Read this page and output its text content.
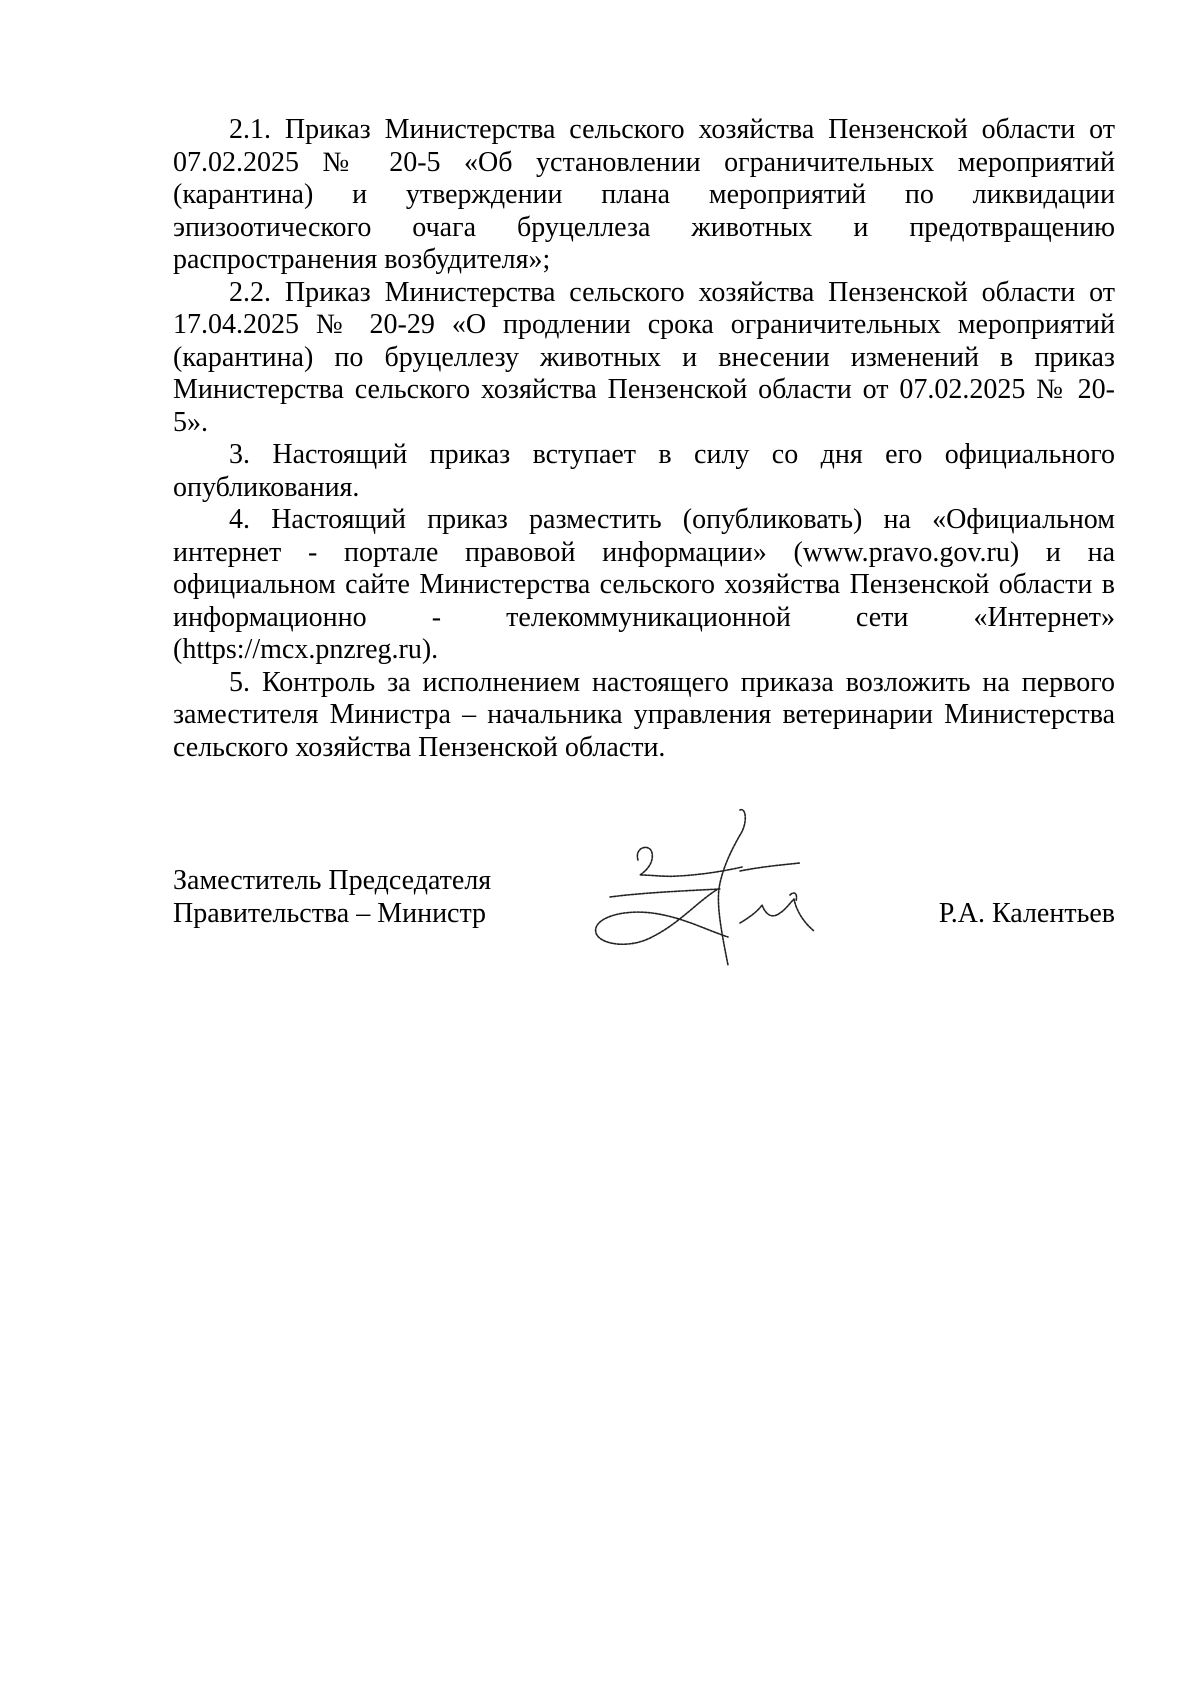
2.1. Приказ Министерства сельского хозяйства Пензенской области от 07.02.2025 № 20-5 «Об установлении ограничительных мероприятий (карантина) и утверждении плана мероприятий по ликвидации эпизоотического очага бруцеллеза животных и предотвращению распространения возбудителя»;

2.2. Приказ Министерства сельского хозяйства Пензенской области от 17.04.2025 № 20-29 «О продлении срока ограничительных мероприятий (карантина) по бруцеллезу животных и внесении изменений в приказ Министерства сельского хозяйства Пензенской области от 07.02.2025 № 20-5».

3. Настоящий приказ вступает в силу со дня его официального опубликования.

4. Настоящий приказ разместить (опубликовать) на «Официальном интернет - портале правовой информации» (www.pravo.gov.ru) и на официальном сайте Министерства сельского хозяйства Пензенской области в информационно - телекоммуникационной сети «Интернет» (https://mcx.pnzreg.ru).

5. Контроль за исполнением настоящего приказа возложить на первого заместителя Министра – начальника управления ветеринарии Министерства сельского хозяйства Пензенской области.

Заместитель Председателя
Правительства – Министр	Р.А. Калентьев
